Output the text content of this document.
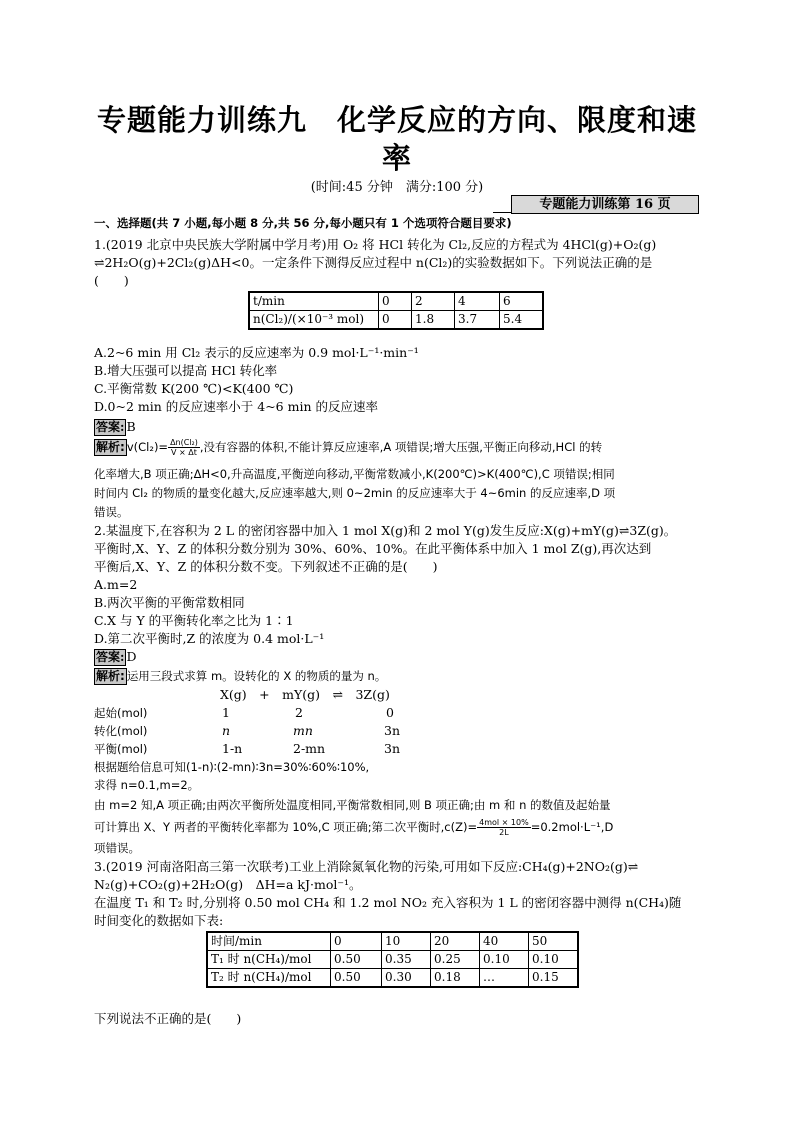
专题能力训练九　化学反应的方向、限度和速
率
(时间:45 分钟　满分:100 分)
专题能力训练第 16 页
一、选择题(共 7 小题,每小题 8 分,共 56 分,每小题只有 1 个选项符合题目要求)
1.(2019 北京中央民族大学附属中学月考)用 O₂ 将 HCl 转化为 Cl₂,反应的方程式为 4HCl(g)+O₂(g)
⇌2H₂O(g)+2Cl₂(g)ΔH<0。一定条件下测得反应过程中 n(Cl₂)的实验数据如下。下列说法正确的是
(　　)
t/min	0	2	4	6
n(Cl₂)/(×10⁻³ mol)	0	1.8	3.7	5.4
A.2~6 min 用 Cl₂ 表示的反应速率为 0.9 mol·L⁻¹·min⁻¹
B.增大压强可以提高 HCl 转化率
C.平衡常数 K(200 ℃)<K(400 ℃)
D.0~2 min 的反应速率小于 4~6 min 的反应速率
答案: B
解析: $v(Cl_2)= \frac{\text{Δn(Cl₂)}}{V \times \Delta t}$ ,没有容器的体积,不能计算反应速率,A 项错误;增大压强,平衡正向移动,HCl 的转
化率增大,B 项正确;ΔH<0,升高温度,平衡逆向移动,平衡常数减小,K(200℃)>K(400℃),C 项错误;相同
时间内 Cl₂ 的物质的量变化越大,反应速率越大,则 0~2min 的反应速率大于 4~6min 的反应速率,D 项
错误。
2.某温度下,在容积为 2 L 的密闭容器中加入 1 mol X(g)和 2 mol Y(g)发生反应:X(g)+mY(g)⇌3Z(g)。
平衡时,X、Y、Z 的体积分数分别为 30%、60%、10%。在此平衡体系中加入 1 mol Z(g),再次达到
平衡后,X、Y、Z 的体积分数不变。下列叙述不正确的是(　　)
A.m=2
B.两次平衡的平衡常数相同
C.X 与 Y 的平衡转化率之比为 1∶1
D.第二次平衡时,Z 的浓度为 0.4 mol·L⁻¹
答案: D
解析: 运用三段式求算 m。设转化的 X 的物质的量为 n。
X(g)　+　mY(g)　⇌　3Z(g)
起始(mol)	1	2	0
转化(mol)	n	mn	3n
平衡(mol)	1-n	2-mn	3n
根据题给信息可知(1-n)∶(2-mn)∶3n=30%∶60%∶10%,
求得 n=0.1,m=2。
由 m=2 知,A 项正确;由两次平衡所处温度相同,平衡常数相同,则 B 项正确;由 m 和 n 的数值及起始量
可计算出 X、Y 两者的平衡转化率都为 10%,C 项正确;第二次平衡时$,c(Z)= \frac{\text{4mol × 10\%}}{2L} =0.2mol\cdot L^{-1},D$
项错误。
3.(2019 河南洛阳高三第一次联考)工业上消除氮氧化物的污染,可用如下反应:CH₄(g)+2NO₂(g)⇌
N₂(g)+CO₂(g)+2H₂O(g)　ΔH=a kJ·mol⁻¹。
在温度 T₁ 和 T₂ 时,分别将 0.50 mol CH₄ 和 1.2 mol NO₂ 充入容积为 1 L 的密闭容器中测得 n(CH₄)随
时间变化的数据如下表:
时间/min	0	10	20	40	50
T₁ 时 n(CH₄)/mol	0.50	0.35	0.25	0.10	0.10
T₂ 时 n(CH₄)/mol	0.50	0.30	0.18	…	0.15
下列说法不正确的是(　　)
